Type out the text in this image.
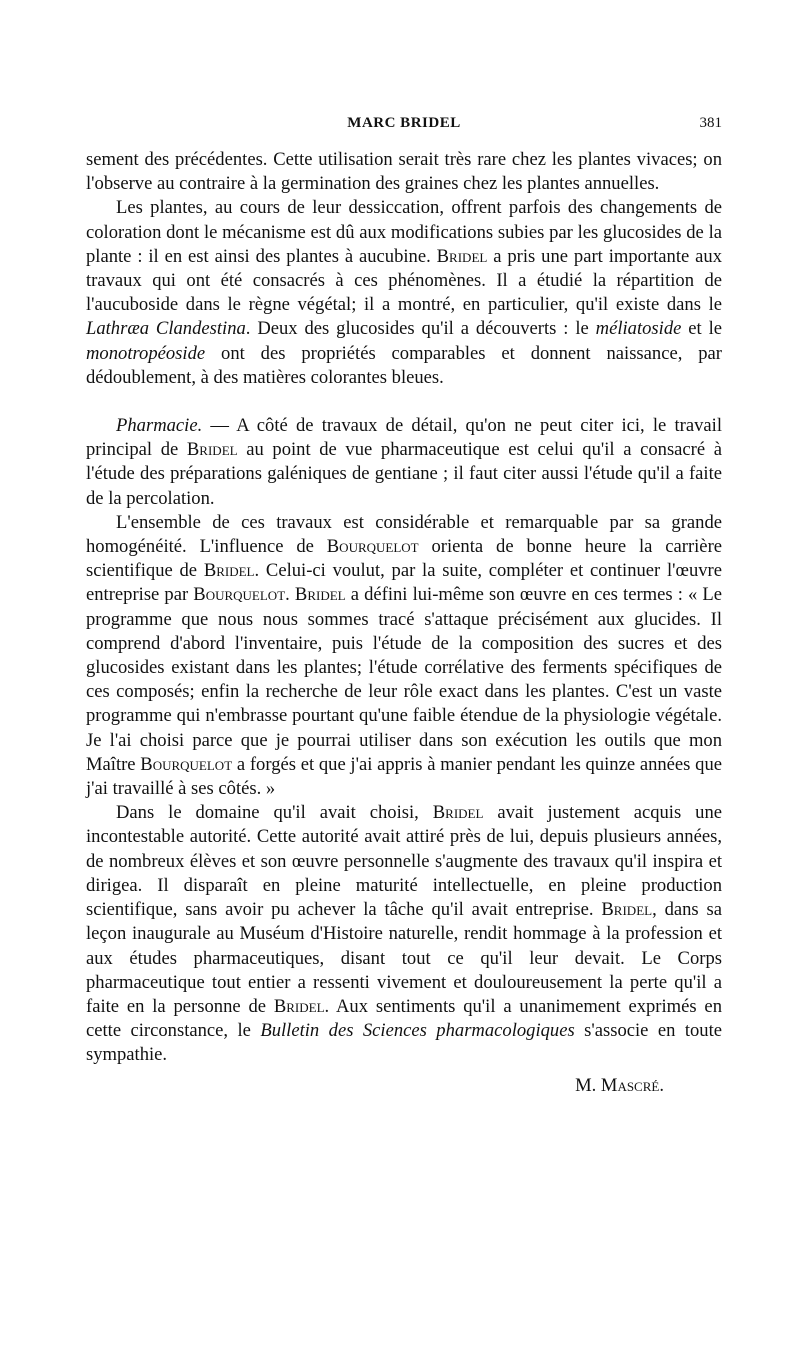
MARC BRIDEL	381

sement des précédentes. Cette utilisation serait très rare chez les plantes vivaces; on l'observe au contraire à la germination des graines chez les plantes annuelles.

Les plantes, au cours de leur dessiccation, offrent parfois des changements de coloration dont le mécanisme est dû aux modifications subies par les glucosides de la plante : il en est ainsi des plantes à aucubine. Bridel a pris une part importante aux travaux qui ont été consacrés à ces phénomènes. Il a étudié la répartition de l'aucuboside dans le règne végétal; il a montré, en particulier, qu'il existe dans le Lathræa Clandestina. Deux des glucosides qu'il a découverts : le méliatoside et le monotropéoside ont des propriétés comparables et donnent naissance, par dédoublement, à des matières colorantes bleues.

Pharmacie. — A côté de travaux de détail, qu'on ne peut citer ici, le travail principal de Bridel au point de vue pharmaceutique est celui qu'il a consacré à l'étude des préparations galéniques de gentiane ; il faut citer aussi l'étude qu'il a faite de la percolation.

L'ensemble de ces travaux est considérable et remarquable par sa grande homogénéité. L'influence de Bourquelot orienta de bonne heure la carrière scientifique de Bridel. Celui-ci voulut, par la suite, compléter et continuer l'œuvre entreprise par Bourquelot. Bridel a défini lui-même son œuvre en ces termes : « Le programme que nous nous sommes tracé s'attaque précisément aux glucides. Il comprend d'abord l'inventaire, puis l'étude de la composition des sucres et des glucosides existant dans les plantes; l'étude corrélative des ferments spécifiques de ces composés; enfin la recherche de leur rôle exact dans les plantes. C'est un vaste programme qui n'embrasse pourtant qu'une faible étendue de la physiologie végétale. Je l'ai choisi parce que je pourrai utiliser dans son exécution les outils que mon Maître Bourquelot a forgés et que j'ai appris à manier pendant les quinze années que j'ai travaillé à ses côtés. »

Dans le domaine qu'il avait choisi, Bridel avait justement acquis une incontestable autorité. Cette autorité avait attiré près de lui, depuis plusieurs années, de nombreux élèves et son œuvre personnelle s'augmente des travaux qu'il inspira et dirigea. Il disparaît en pleine maturité intellectuelle, en pleine production scientifique, sans avoir pu achever la tâche qu'il avait entreprise. Bridel, dans sa leçon inaugurale au Muséum d'Histoire naturelle, rendit hommage à la profession et aux études pharmaceutiques, disant tout ce qu'il leur devait. Le Corps pharmaceutique tout entier a ressenti vivement et douloureusement la perte qu'il a faite en la personne de Bridel. Aux sentiments qu'il a unanimement exprimés en cette circonstance, le Bulletin des Sciences pharmacologiques s'associe en toute sympathie.

M. Mascré.
